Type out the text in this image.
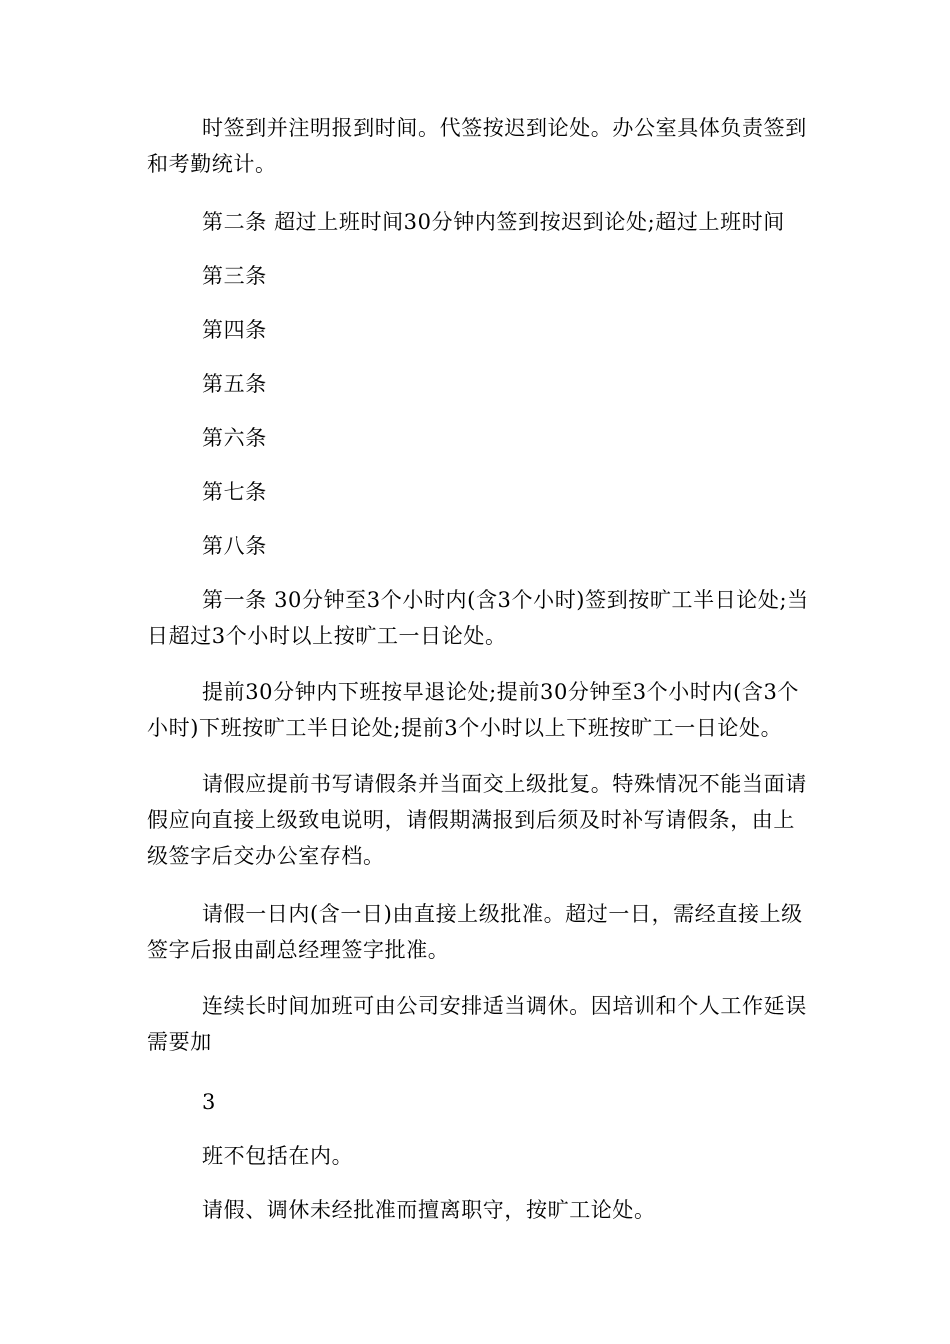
时签到并注明报到时间。代签按迟到论处。办公室具体负责签到和考勤统计。

第二条 超过上班时间30分钟内签到按迟到论处;超过上班时间

第三条

第四条

第五条

第六条

第七条

第八条

第一条 30分钟至3个小时内(含3个小时)签到按旷工半日论处;当日超过3个小时以上按旷工一日论处。

提前30分钟内下班按早退论处;提前30分钟至3个小时内(含3个小时)下班按旷工半日论处;提前3个小时以上下班按旷工一日论处。

请假应提前书写请假条并当面交上级批复。特殊情况不能当面请假应向直接上级致电说明，请假期满报到后须及时补写请假条，由上级签字后交办公室存档。

请假一日内(含一日)由直接上级批准。超过一日，需经直接上级签字后报由副总经理签字批准。

连续长时间加班可由公司安排适当调休。因培训和个人工作延误需要加

3

班不包括在内。

请假、调休未经批准而擅离职守，按旷工论处。
